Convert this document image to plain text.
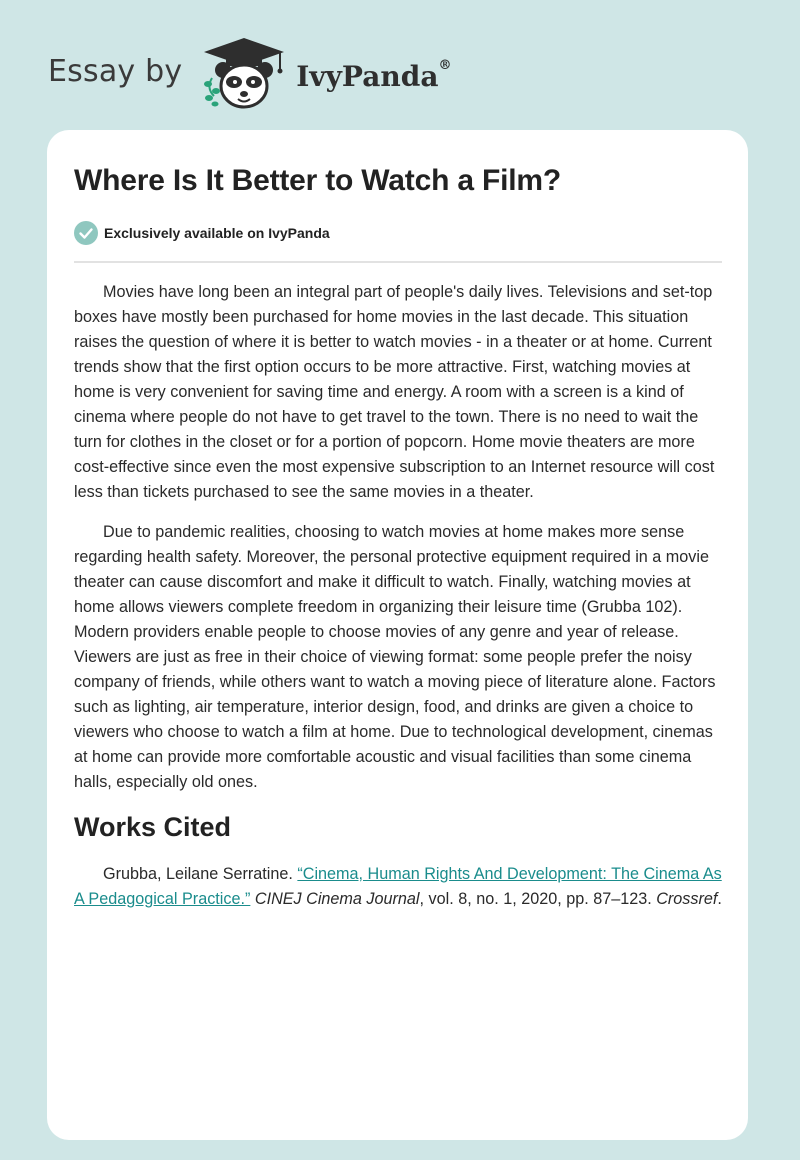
Essay by	IvyPanda®
Where Is It Better to Watch a Film?
Exclusively available on IvyPanda

Movies have long been an integral part of people's daily lives. Televisions and set-top boxes have mostly been purchased for home movies in the last decade. This situation raises the question of where it is better to watch movies - in a theater or at home. Current trends show that the first option occurs to be more attractive. First, watching movies at home is very convenient for saving time and energy. A room with a screen is a kind of cinema where people do not have to get travel to the town. There is no need to wait the turn for clothes in the closet or for a portion of popcorn. Home movie theaters are more cost-effective since even the most expensive subscription to an Internet resource will cost less than tickets purchased to see the same movies in a theater.

Due to pandemic realities, choosing to watch movies at home makes more sense regarding health safety. Moreover, the personal protective equipment required in a movie theater can cause discomfort and make it difficult to watch. Finally, watching movies at home allows viewers complete freedom in organizing their leisure time (Grubba 102). Modern providers enable people to choose movies of any genre and year of release. Viewers are just as free in their choice of viewing format: some people prefer the noisy company of friends, while others want to watch a moving piece of literature alone. Factors such as lighting, air temperature, interior design, food, and drinks are given a choice to viewers who choose to watch a film at home. Due to technological development, cinemas at home can provide more comfortable acoustic and visual facilities than some cinema halls, especially old ones.

Works Cited

Grubba, Leilane Serratine. “Cinema, Human Rights And Development: The Cinema As A Pedagogical Practice.” CINEJ Cinema Journal, vol. 8, no. 1, 2020, pp. 87–123. Crossref.
